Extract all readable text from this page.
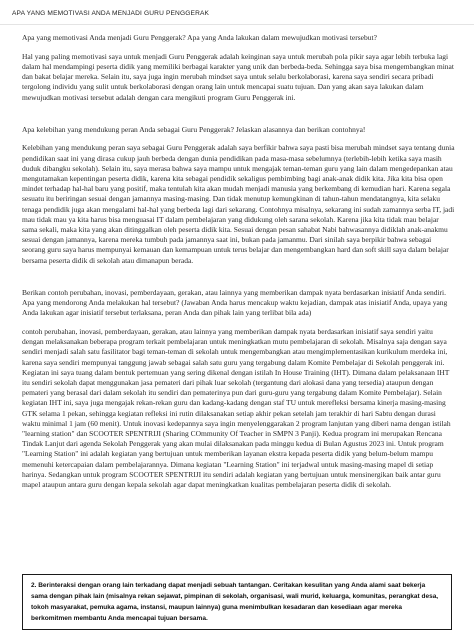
APA YANG MEMOTIVASI ANDA MENJADI GURU PENGGERAK

Apa yang memotivasi Anda menjadi Guru Penggerak? Apa yang Anda lakukan dalam mewujudkan motivasi tersebut?

Hal yang paling memotivasi saya untuk menjadi Guru Penggerak adalah keinginan saya untuk merubah pola pikir saya agar lebih terbuka lagi dalam hal mendampingi peserta didik yang memiliki berbagai karakter yang unik dan berbeda-beda. Sehingga saya bisa mengembangkan minat dan bakat belajar mereka. Selain itu, saya juga ingin merubah mindset saya untuk selalu berkolaborasi, karena saya sendiri secara pribadi tergolong individu yang sulit untuk berkolaborasi dengan orang lain untuk mencapai suatu tujuan. Dan yang akan saya lakukan dalam mewujudkan motivasi tersebut adalah dengan cara mengikuti program Guru Penggerak ini.

Apa kelebihan yang mendukung peran Anda sebagai Guru Penggerak? Jelaskan alasannya dan berikan contohnya!

Kelebihan yang mendukung peran saya sebagai Guru Penggerak adalah saya berfikir bahwa saya pasti bisa merubah mindset saya tentang dunia pendidikan saat ini yang dirasa cukup jauh berbeda dengan dunia pendidikan pada masa-masa sebelumnya (terlebih-lebih ketika saya masih duduk dibangku sekolah). Selain itu, saya merasa bahwa saya mampu untuk mengajak teman-teman guru yang lain dalam mengedepankan atau mengutamakan kepentingan peserta didik, karena kita sebagai pendidik sekaligus pembimbing bagi anak-anak didik kita. Jika kita bisa open mindet terhadap hal-hal baru yang positif, maka tentulah kita akan mudah menjadi manusia yang berkembang di kemudian hari. Karena segala sesuatu itu beriringan sesuai dengan jamannya masing-masing. Dan tidak menutup kemungkinan di tahun-tahun mendatangnya, kita selaku tenaga pendidik juga akan mengalami hal-hal yang berbeda lagi dari sekarang. Contohnya misalnya, sekarang ini sudah zamannya serba IT, jadi mau tidak mau ya kita harus bisa menguasai IT dalam pembelajaran yang didukung oleh sarana sekolah. Karena jika kita tidak mau belajar sama sekali, maka kita yang akan ditinggalkan oleh peserta didik kita. Sesuai dengan pesan sahabat Nabi bahwasannya didiklah anak-anakmu sesuai dengan jamannya, karena mereka tumbuh pada jamannya saat ini, bukan pada jamanmu. Dari sinilah saya berpikir bahwa sebagai seorang guru saya harus mempunyai kemauan dan kemampuan untuk terus belajar dan mengembangkan hard dan soft skill saya dalam belajar bersama peserta didik di sekolah atau dimanapun berada.

Berikan contoh perubahan, inovasi, pemberdayaan, gerakan, atau lainnya yang memberikan dampak nyata berdasarkan inisiatif Anda sendiri. Apa yang mendorong Anda melakukan hal tersebut? (Jawaban Anda harus mencakup waktu kejadian, dampak atas inisiatif Anda, upaya yang Anda lakukan agar inisiatif tersebut terlaksana, peran Anda dan pihak lain yang terlibat bila ada)

contoh perubahan, inovasi, pemberdayaan, gerakan, atau lainnya yang memberikan dampak nyata berdasarkan inisiatif saya sendiri yaitu dengan melaksanakan beberapa program terkait pembelajaran untuk meningkatkan mutu pembelajaran di sekolah. Misalnya saja dengan saya sendiri menjadi salah satu fasilitator bagi teman-teman di sekolah untuk mengembangkan atau mengimplementasikan kurikulum merdeka ini, karena saya sendiri mempunyai tanggung jawab sebagai salah satu guru yang tergabung dalam Komite Pembelajar di Sekolah penggerak ini. Kegiatan ini saya tuang dalam bentuk pertemuan yang sering dikenal dengan istilah In House Training (IHT). Dimana dalam pelaksanaan IHT itu sendiri sekolah dapat menggunakan jasa pemateri dari pihak luar sekolah (tergantung dari alokasi dana yang tersedia) ataupun dengan pemateri yang berasal dari dalam sekolah itu sendiri dan pematerinya pun dari guru-guru yang tergabung dalam Komite Pembelajar). Selain kegiatan IHT ini, saya juga mengajak rekan-rekan guru dan kadang-kadang dengan staf TU untuk merefleksi bersama kinerja masing-masing GTK selama 1 pekan, sehingga kegiatan refleksi ini rutin dilaksanakan setiap akhir pekan setelah jam terakhir di hari Sabtu dengan durasi waktu minimal 1 jam (60 menit). Untuk inovasi kedepannya saya ingin menyelenggarakan 2 program lanjutan yang diberi nama dengan istilah "learning station" dan SCOOTER SPENTRIJI (Sharing COmmunity Of Teacher in SMPN 3 Panji). Kedua program ini merupakan Rencana Tindak Lanjut dari agenda Sekolah Penggerak yang akan mulai dilaksanakan pada minggu kedua di Bulan Agustus 2023 ini. Untuk program "Learning Station" ini adalah kegiatan yang bertujuan untuk memberikan layanan ekstra kepada peserta didik yang belum-belum mampu memenuhi ketercapaian dalam pembelajarannya. Dimana kegiatan "Learning Station" ini terjadwal untuk masing-masing mapel di setiap harinya. Sedangkan untuk program SCOOTER SPENTRIJI itu sendiri adalah kegiatan yang bertujuan untuk mensinergikan baik antar guru mapel ataupun antara guru dengan kepala sekolah agar dapat meningkatkan kualitas pembelajaran peserta didik di sekolah.

2. Berinteraksi dengan orang lain terkadang dapat menjadi sebuah tantangan. Ceritakan kesulitan yang Anda alami saat bekerja sama dengan pihak lain (misalnya rekan sejawat, pimpinan di sekolah, organisasi, wali murid, keluarga, komunitas, perangkat desa, tokoh masyarakat, pemuka agama, instansi, maupun lainnya) guna menimbulkan kesadaran dan kesediaan agar mereka berkomitmen membantu Anda mencapai tujuan bersama.
